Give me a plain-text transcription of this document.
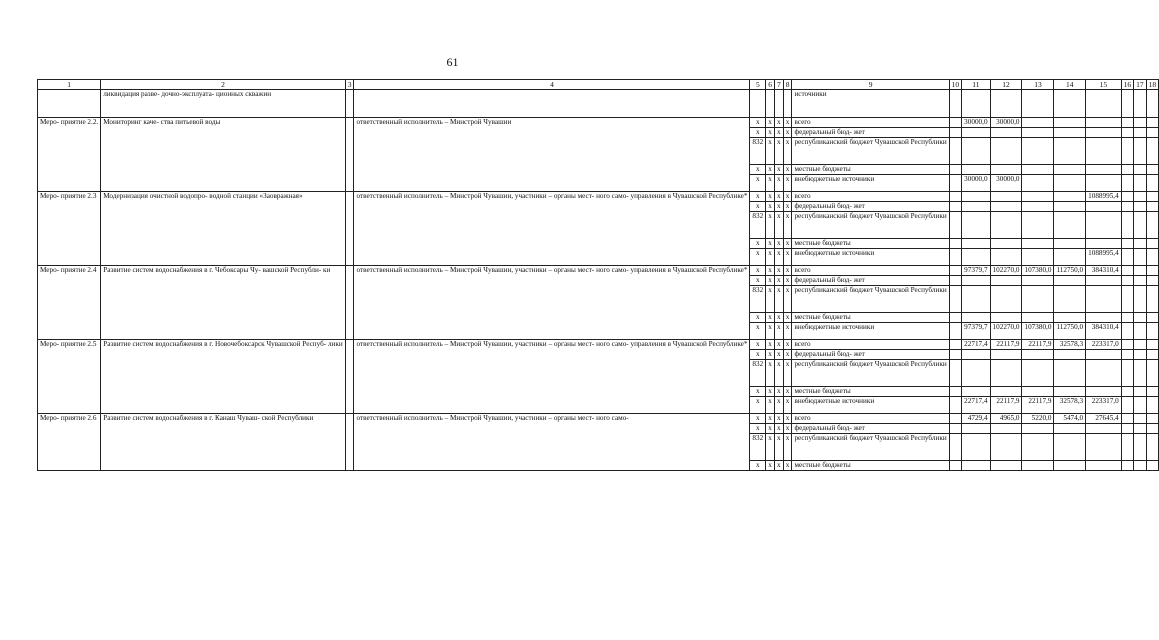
61
1	2	3	4	5	6	7	8	9	10	11	12	13	14	15	16	17	18
	ликвидация разве- дочно-эксплуата- ционных скважин							источники									
Меро- приятие 2.2.	Мониторинг каче- ства питьевой воды		ответственный исполнитель – Минстрой Чувашии	x	x	x	x	всего		30000,0	30000,0						
				x	x	x	x	федеральный бюд- жет									
				832	x	x	x	республиканский бюджет Чувашской Республики									
				x	x	x	x	местные бюджеты									
				x	x	x	x	внебюджетные источники		30000,0	30000,0						
Меро- приятие 2.3	Модернизация очистной водопро- водной станции «Заовражная»		ответственный исполнитель – Минстрой Чувашии, участники – органы мест- ного само- управления в Чувашской Республике*	x	x	x	x	всего						1088995,4			
				x	x	x	x	федеральный бюд- жет									
				832	x	x	x	республиканский бюджет Чувашской Республики									
				x	x	x	x	местные бюджеты									
				x	x	x	x	внебюджетные источники						1088995,4			
Меро- приятие 2.4	Развитие систем водоснабжения в г. Чебоксары Чу- вашской Республи- ки		ответственный исполнитель – Минстрой Чувашии, участники – органы мест- ного само- управления в Чувашской Республике*	x	x	x	x	всего		97379,7	102270,0	107380,0	112750,0	384310,4			
				x	x	x	x	федеральный бюд- жет									
				832	x	x	x	республиканский бюджет Чувашской Республики									
				x	x	x	x	местные бюджеты									
				x	x	x	x	внебюджетные источники		97379,7	102270,0	107380,0	112750,0	384310,4			
Меро- приятие 2.5	Развитие систем водоснабжения в г. Новочебоксарск Чувашской Респуб- лики		ответственный исполнитель – Минстрой Чувашии, участники – органы мест- ного само- управления в Чувашской Республике*	x	x	x	x	всего		22717,4	22117,9	22117,9	32578,3	223317,0			
				x	x	x	x	федеральный бюд- жет									
				832	x	x	x	республиканский бюджет Чувашской Республики									
				x	x	x	x	местные бюджеты									
				x	x	x	x	внебюджетные источники		22717,4	22117,9	22117,9	32578,3	223317,0			
Меро- приятие 2.6	Развитие систем водоснабжения в г. Канаш Чуваш- ской Республики		ответственный исполнитель – Минстрой Чувашии, участники – органы мест- ного само-	x	x	x	x	всего		4729,4	4965,0	5220,0	5474,0	27645,4			
				x	x	x	x	федеральный бюд- жет									
				832	x	x	x	республиканский бюджет Чувашской Республики									
				x	x	x	x	местные бюджеты									
